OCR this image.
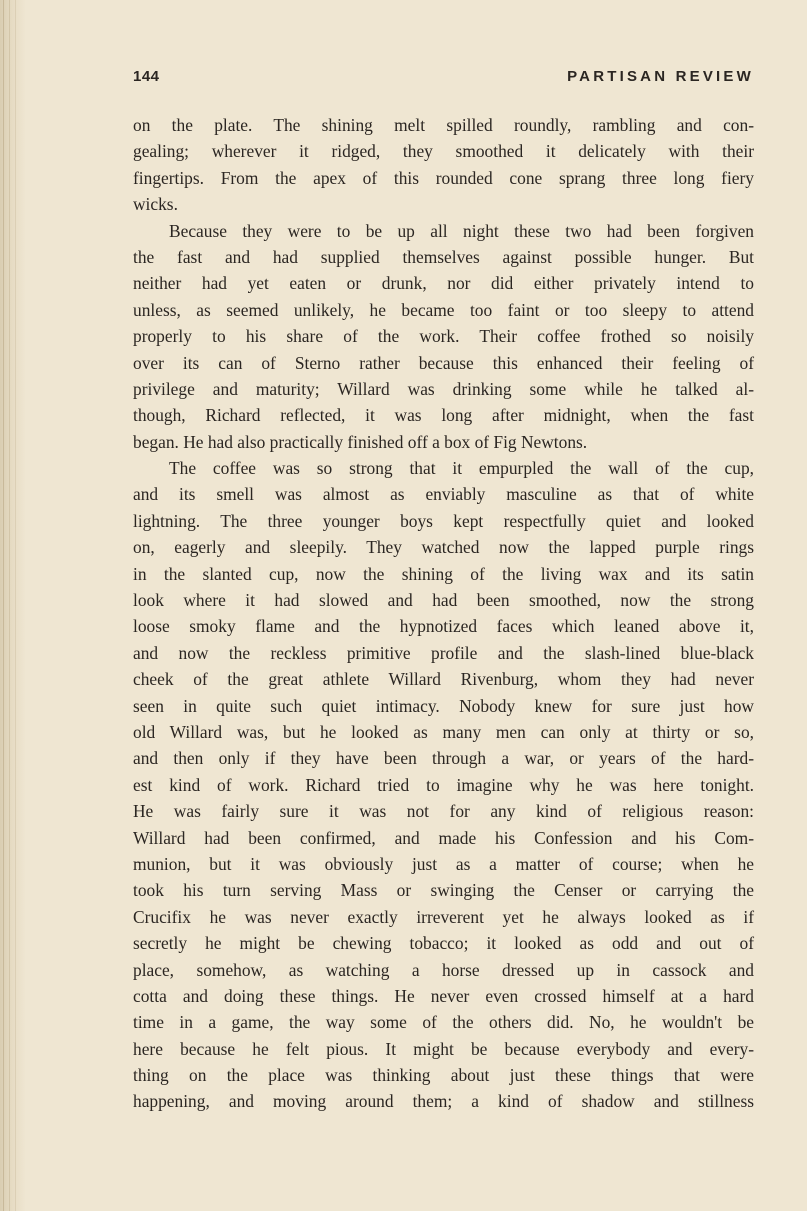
144	PARTISAN REVIEW
on the plate. The shining melt spilled roundly, rambling and con-
gealing; wherever it ridged, they smoothed it delicately with their
fingertips. From the apex of this rounded cone sprang three long fiery
wicks.
Because they were to be up all night these two had been forgiven
the fast and had supplied themselves against possible hunger. But
neither had yet eaten or drunk, nor did either privately intend to
unless, as seemed unlikely, he became too faint or too sleepy to attend
properly to his share of the work. Their coffee frothed so noisily
over its can of Sterno rather because this enhanced their feeling of
privilege and maturity; Willard was drinking some while he talked al-
though, Richard reflected, it was long after midnight, when the fast
began. He had also practically finished off a box of Fig Newtons.
The coffee was so strong that it empurpled the wall of the cup,
and its smell was almost as enviably masculine as that of white
lightning. The three younger boys kept respectfully quiet and looked
on, eagerly and sleepily. They watched now the lapped purple rings
in the slanted cup, now the shining of the living wax and its satin
look where it had slowed and had been smoothed, now the strong
loose smoky flame and the hypnotized faces which leaned above it,
and now the reckless primitive profile and the slash-lined blue-black
cheek of the great athlete Willard Rivenburg, whom they had never
seen in quite such quiet intimacy. Nobody knew for sure just how
old Willard was, but he looked as many men can only at thirty or so,
and then only if they have been through a war, or years of the hard-
est kind of work. Richard tried to imagine why he was here tonight.
He was fairly sure it was not for any kind of religious reason:
Willard had been confirmed, and made his Confession and his Com-
munion, but it was obviously just as a matter of course; when he
took his turn serving Mass or swinging the Censer or carrying the
Crucifix he was never exactly irreverent yet he always looked as if
secretly he might be chewing tobacco; it looked as odd and out of
place, somehow, as watching a horse dressed up in cassock and
cotta and doing these things. He never even crossed himself at a hard
time in a game, the way some of the others did. No, he wouldn't be
here because he felt pious. It might be because everybody and every-
thing on the place was thinking about just these things that were
happening, and moving around them; a kind of shadow and stillness
